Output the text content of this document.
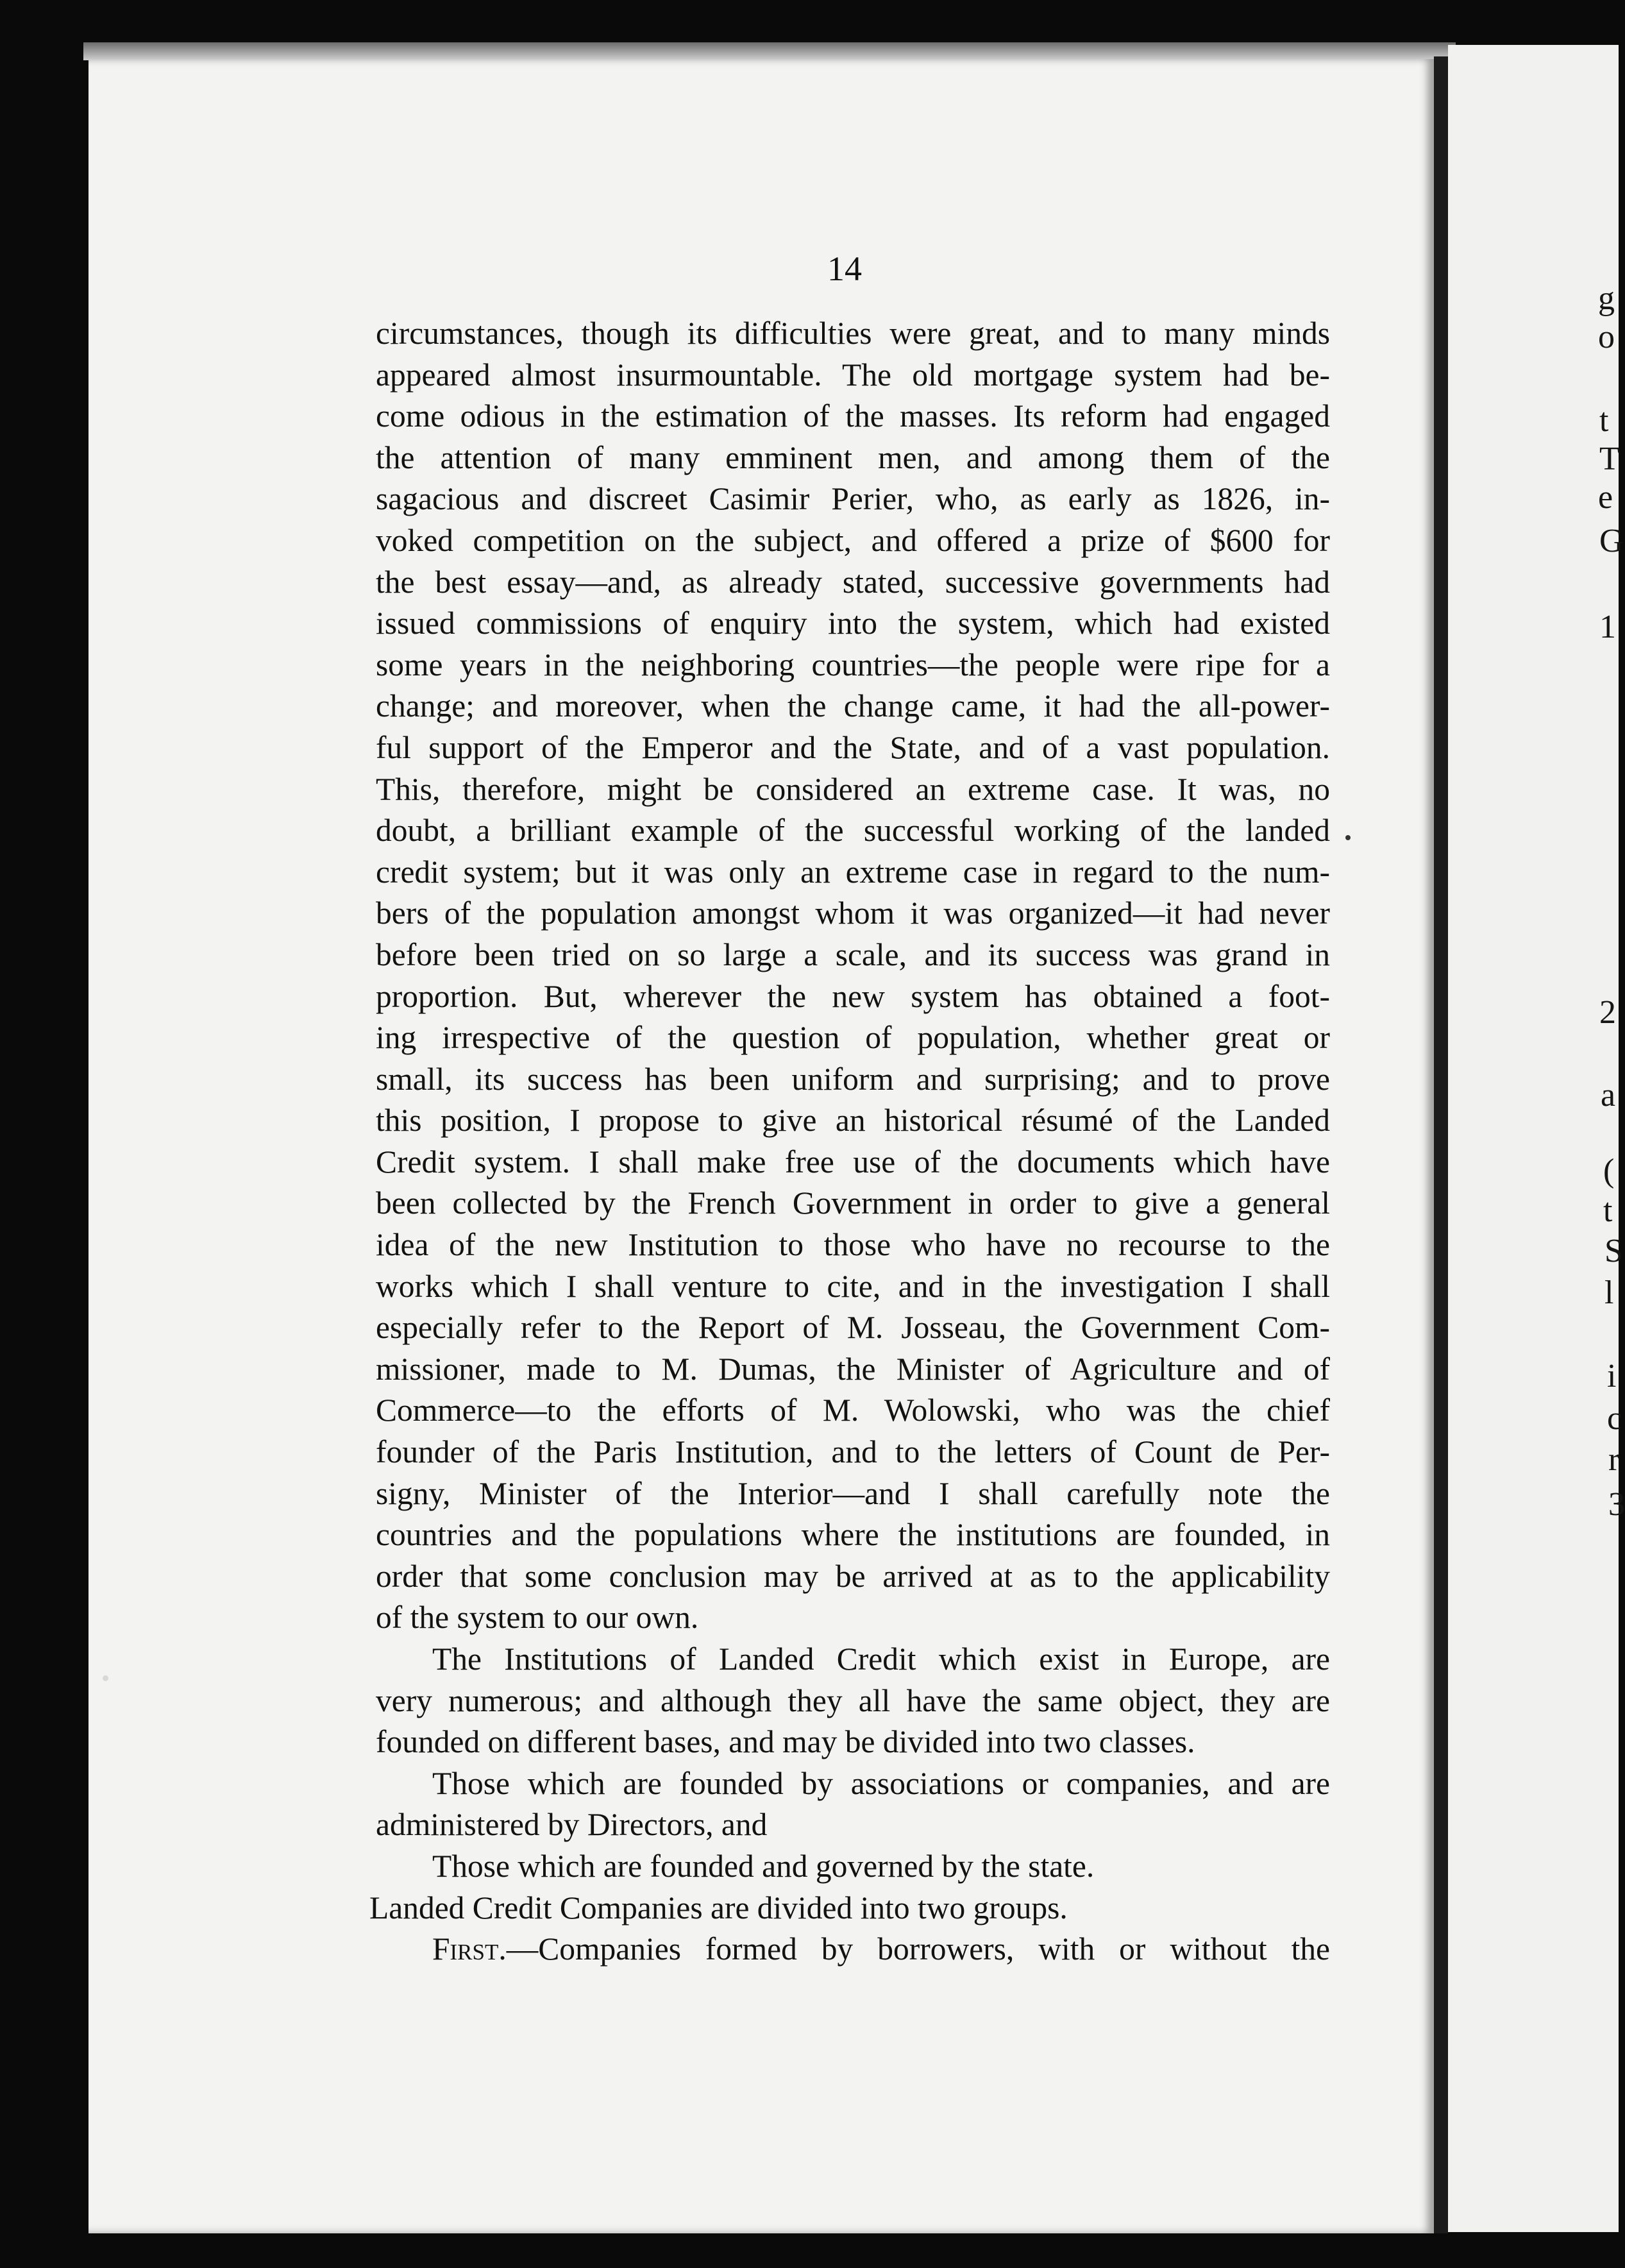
14
circumstances, though its difficulties were great, and to many minds
appeared almost insurmountable. The old mortgage system had be-
come odious in the estimation of the masses. Its reform had engaged
the attention of many emminent men, and among them of the
sagacious and discreet Casimir Perier, who, as early as 1826, in-
voked competition on the subject, and offered a prize of $600 for
the best essay—and, as already stated, successive governments had
issued commissions of enquiry into the system, which had existed
some years in the neighboring countries—the people were ripe for a
change; and moreover, when the change came, it had the all-power-
ful support of the Emperor and the State, and of a vast population.
This, therefore, might be considered an extreme case. It was, no
doubt, a brilliant example of the successful working of the landed
credit system; but it was only an extreme case in regard to the num-
bers of the population amongst whom it was organized—it had never
before been tried on so large a scale, and its success was grand in
proportion. But, wherever the new system has obtained a foot-
ing irrespective of the question of population, whether great or
small, its success has been uniform and surprising; and to prove
this position, I propose to give an historical résumé of the Landed
Credit system. I shall make free use of the documents which have
been collected by the French Government in order to give a general
idea of the new Institution to those who have no recourse to the
works which I shall venture to cite, and in the investigation I shall
especially refer to the Report of M. Josseau, the Government Com-
missioner, made to M. Dumas, the Minister of Agriculture and of
Commerce—to the efforts of M. Wolowski, who was the chief
founder of the Paris Institution, and to the letters of Count de Per-
signy, Minister of the Interior—and I shall carefully note the
countries and the populations where the institutions are founded, in
order that some conclusion may be arrived at as to the applicability
of the system to our own.
The Institutions of Landed Credit which exist in Europe, are
very numerous; and although they all have the same object, they are
founded on different bases, and may be divided into two classes.
Those which are founded by associations or companies, and are
administered by Directors, and
Those which are founded and governed by the state.
Landed Credit Companies are divided into two groups.
First.—Companies formed by borrowers, with or without the
g
o
t
T
e
G
1
2
a
(
t
S
l
i
c
r
3
